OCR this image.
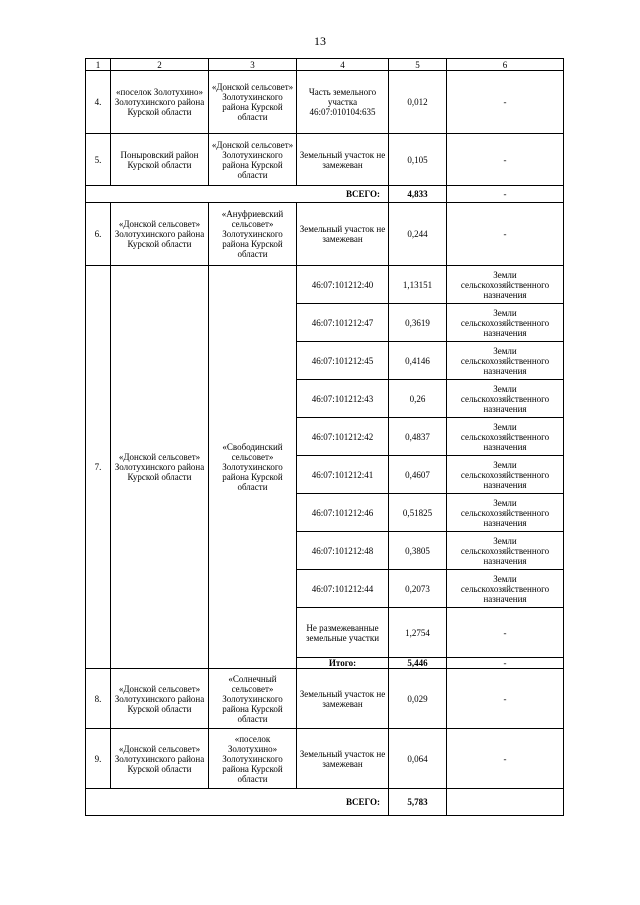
13
1	2	3	4	5	6
4.	«поселок Золотухино» Золотухинского района Курской области	«Донской сельсовет» Золотухинского района Курской области	Часть земельного участка 46:07:010104:635	0,012	-
5.	Поныровский район Курской области	«Донской сельсовет» Золотухинского района Курской области	Земельный участок не замежеван	0,105	-
ВСЕГО:				4,833	-
6.	«Донской сельсовет» Золотухинского района Курской области	«Ануфриевский сельсовет» Золотухинского района Курской области	Земельный участок не замежеван	0,244	-
7.	«Донской сельсовет» Золотухинского района Курской области	«Свободинский сельсовет» Золотухинского района Курской области	46:07:101212:40	1,13151	Земли сельскохозяйственного назначения
			46:07:101212:47	0,3619	Земли сельскохозяйственного назначения
			46:07:101212:45	0,4146	Земли сельскохозяйственного назначения
			46:07:101212:43	0,26	Земли сельскохозяйственного назначения
			46:07:101212:42	0,4837	Земли сельскохозяйственного назначения
			46:07:101212:41	0,4607	Земли сельскохозяйственного назначения
			46:07:101212:46	0,51825	Земли сельскохозяйственного назначения
			46:07:101212:48	0,3805	Земли сельскохозяйственного назначения
			46:07:101212:44	0,2073	Земли сельскохозяйственного назначения
			Не размежеванные земельные участки	1,2754	-
			Итого:	5,446	-
8.	«Донской сельсовет» Золотухинского района Курской области	«Солнечный сельсовет» Золотухинского района Курской области	Земельный участок не замежеван	0,029	-
9.	«Донской сельсовет» Золотухинского района Курской области	«поселок Золотухино» Золотухинского района Курской области	Земельный участок не замежеван	0,064	-
ВСЕГО:				5,783	
